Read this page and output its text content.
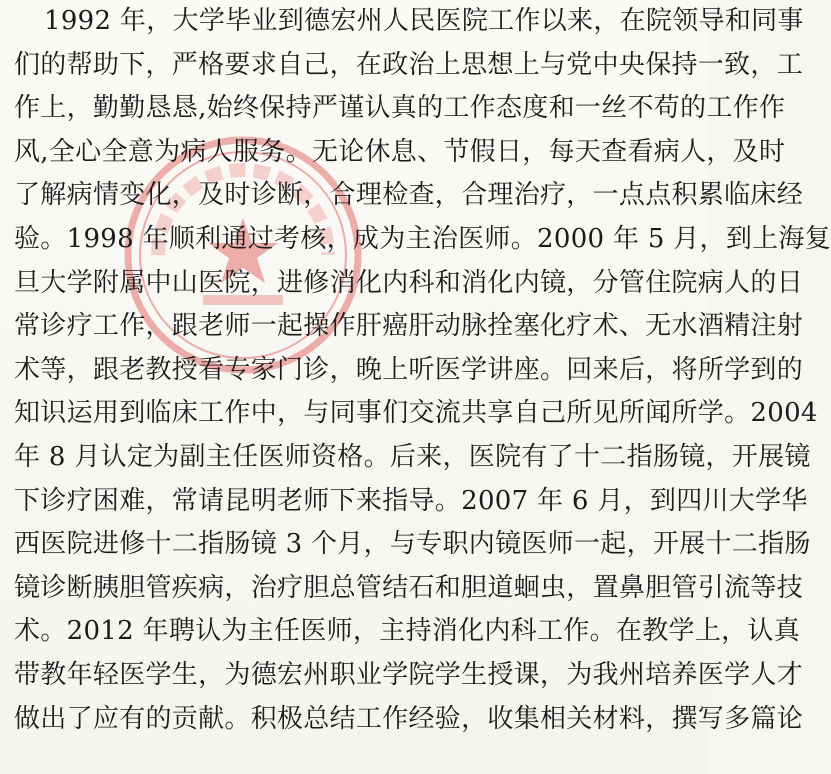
1992 年，大学毕业到德宏州人民医院工作以来，在院领导和同事
们的帮助下，严格要求自己，在政治上思想上与党中央保持一致，工
作上，勤勤恳恳,始终保持严谨认真的工作态度和一丝不苟的工作作
风,全心全意为病人服务。无论休息、节假日，每天查看病人，及时
了解病情变化，及时诊断，合理检查，合理治疗，一点点积累临床经
验。1998 年顺利通过考核，成为主治医师。2000 年 5 月，到上海复
旦大学附属中山医院，进修消化内科和消化内镜，分管住院病人的日
常诊疗工作，跟老师一起操作肝癌肝动脉拴塞化疗术、无水酒精注射
术等，跟老教授看专家门诊，晚上听医学讲座。回来后，将所学到的
知识运用到临床工作中，与同事们交流共享自己所见所闻所学。2004
年 8 月认定为副主任医师资格。后来，医院有了十二指肠镜，开展镜
下诊疗困难，常请昆明老师下来指导。2007 年 6 月，到四川大学华
西医院进修十二指肠镜 3 个月，与专职内镜医师一起，开展十二指肠
镜诊断胰胆管疾病，治疗胆总管结石和胆道蛔虫，置鼻胆管引流等技
术。2012 年聘认为主任医师，主持消化内科工作。在教学上，认真
带教年轻医学生，为德宏州职业学院学生授课，为我州培养医学人才
做出了应有的贡献。积极总结工作经验，收集相关材料，撰写多篇论
